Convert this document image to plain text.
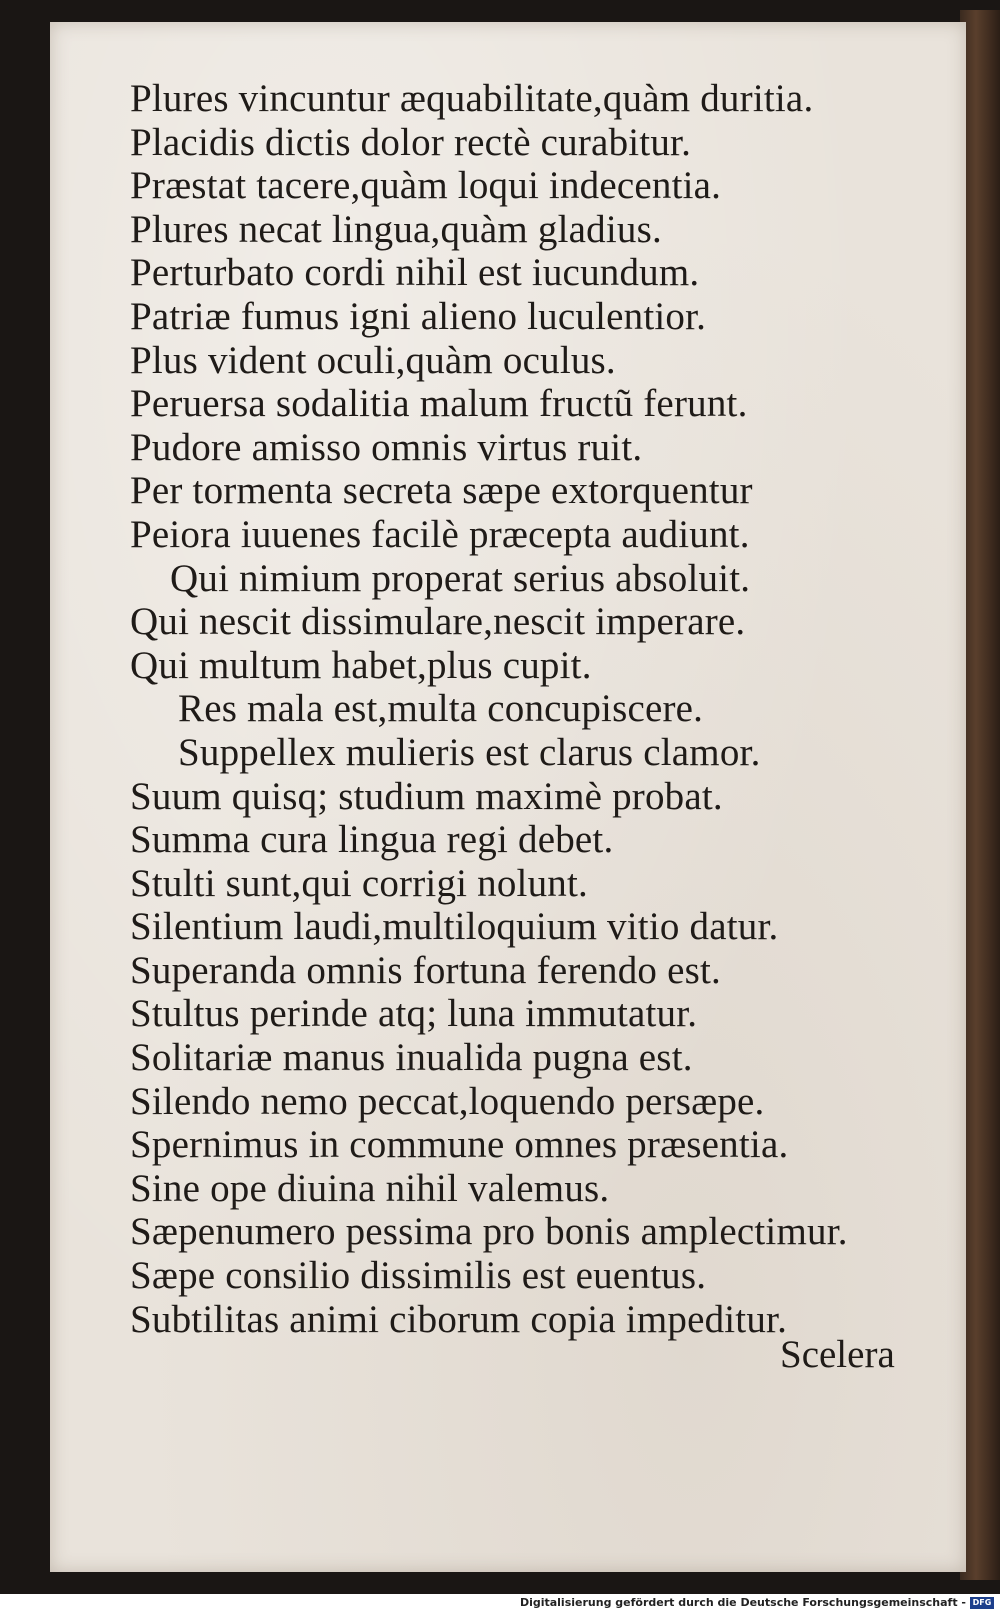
Plures vincuntur æquabilitate,quàm duritia.
Placidis dictis dolor rectè curabitur.
Præstat tacere,quàm loqui indecentia.
Plures necat lingua,quàm gladius.
Perturbato cordi nihil est iucundum.
Patriæ fumus igni alieno luculentior.
Plus vident oculi,quàm oculus.
Peruersa sodalitia malum fructũ ferunt.
Pudore amisso omnis virtus ruit.
Per tormenta secreta sæpe extorquentur
Peiora iuuenes facilè præcepta audiunt.
Qui nimium properat serius absoluit.
Qui nescit dissimulare,nescit imperare.
Qui multum habet,plus cupit.
Res mala est,multa concupiscere.
Suppellex mulieris est clarus clamor.
Suum quisq; studium maximè probat.
Summa cura lingua regi debet.
Stulti sunt,qui corrigi nolunt.
Silentium laudi,multiloquium vitio datur.
Superanda omnis fortuna ferendo est.
Stultus perinde atq; luna immutatur.
Solitariæ manus inualida pugna est.
Silendo nemo peccat,loquendo persæpe.
Spernimus in commune omnes præsentia.
Sine ope diuina nihil valemus.
Sæpenumero pessima pro bonis amplectimur.
Sæpe consilio dissimilis est euentus.
Subtilitas animi ciborum copia impeditur.
Scelera
Digitalisierung gefördert durch die Deutsche Forschungsgemeinschaft - DFG
